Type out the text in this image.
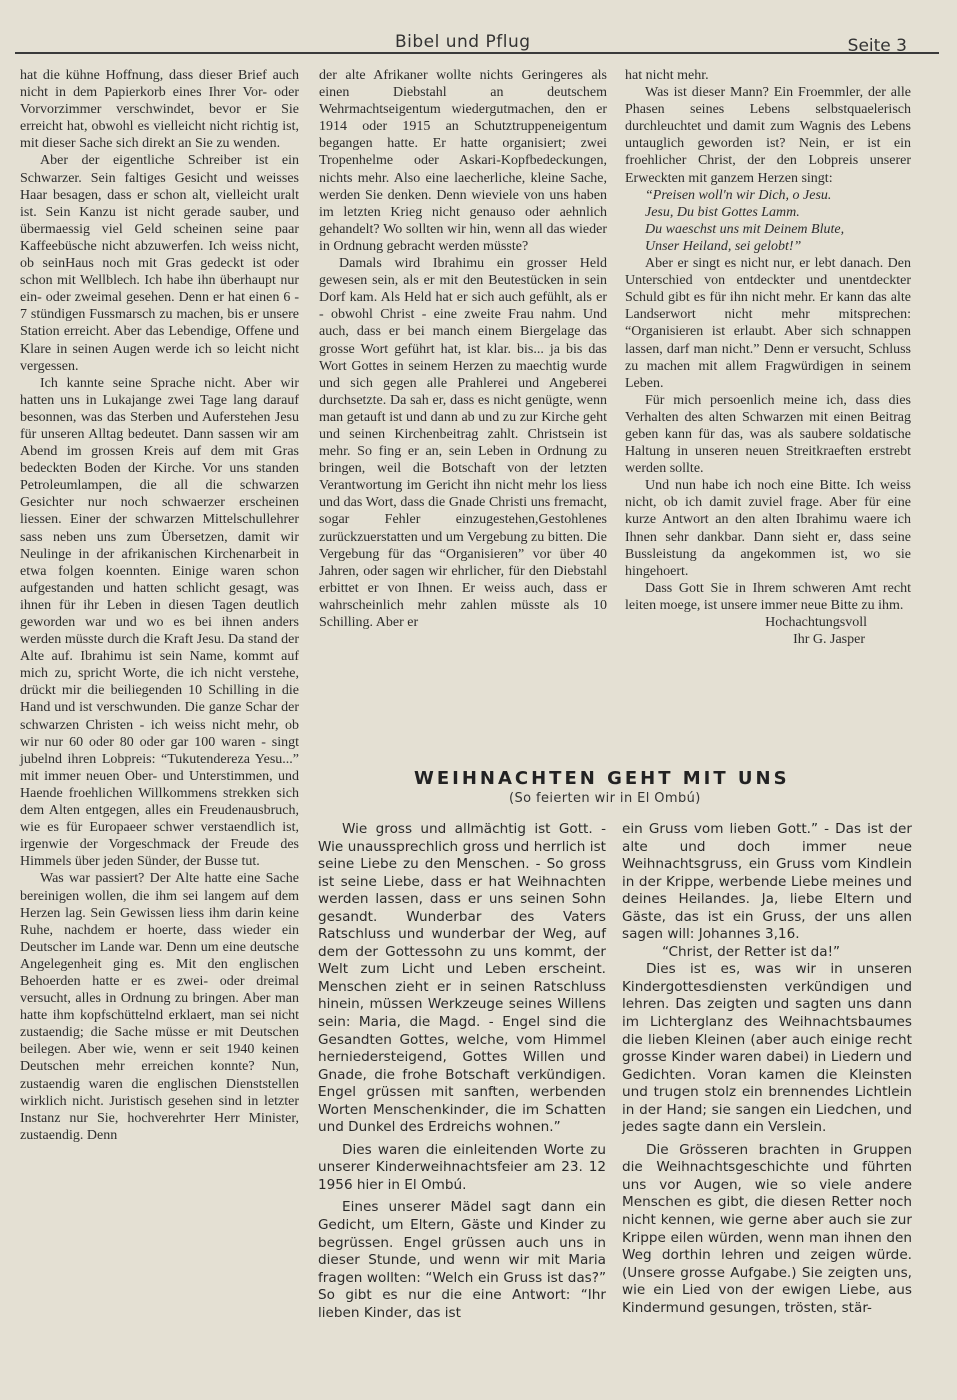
Bibel und Pflug	Seite 3

hat die kühne Hoffnung, dass dieser Brief auch nicht in dem Papierkorb eines Ihrer Vor- oder Vorvorzimmer verschwindet, bevor er Sie erreicht hat, obwohl es vielleicht nicht richtig ist, mit dieser Sache sich direkt an Sie zu wenden.

Aber der eigentliche Schreiber ist ein Schwarzer. Sein faltiges Gesicht und weisses Haar besagen, dass er schon alt, vielleicht uralt ist. Sein Kanzu ist nicht gerade sauber, und übermaessig viel Geld scheinen seine paar Kaffeebüsche nicht abzuwerfen. Ich weiss nicht, ob seinHaus noch mit Gras gedeckt ist oder schon mit Wellblech. Ich habe ihn überhaupt nur ein- oder zweimal gesehen. Denn er hat einen 6 - 7 stündigen Fussmarsch zu machen, bis er unsere Station erreicht. Aber das Lebendige, Offene und Klare in seinen Augen werde ich so leicht nicht vergessen.

Ich kannte seine Sprache nicht. Aber wir hatten uns in Lukajange zwei Tage lang darauf besonnen, was das Sterben und Auferstehen Jesu für unseren Alltag bedeutet. Dann sassen wir am Abend im grossen Kreis auf dem mit Gras bedeckten Boden der Kirche. Vor uns standen Petroleumlampen, die all die schwarzen Gesichter nur noch schwaerzer erscheinen liessen. Einer der schwarzen Mittelschullehrer sass neben uns zum Übersetzen, damit wir Neulinge in der afrikanischen Kirchenarbeit in etwa folgen koennten. Einige waren schon aufgestanden und hatten schlicht gesagt, was ihnen für ihr Leben in diesen Tagen deutlich geworden war und wo es bei ihnen anders werden müsste durch die Kraft Jesu. Da stand der Alte auf. Ibrahimu ist sein Name, kommt auf mich zu, spricht Worte, die ich nicht verstehe, drückt mir die beiliegenden 10 Schilling in die Hand und ist verschwunden. Die ganze Schar der schwarzen Christen - ich weiss nicht mehr, ob wir nur 60 oder 80 oder gar 100 waren - singt jubelnd ihren Lobpreis: “Tukutendereza Yesu...” mit immer neuen Ober- und Unterstimmen, und Haende froehlichen Willkommens strekken sich dem Alten entgegen, alles ein Freudenausbruch, wie es für Europaeer schwer verstaendlich ist, irgenwie der Vorgeschmack der Freude des Himmels über jeden Sünder, der Busse tut.

Was war passiert? Der Alte hatte eine Sache bereinigen wollen, die ihm sei langem auf dem Herzen lag. Sein Gewissen liess ihm darin keine Ruhe, nachdem er hoerte, dass wieder ein Deutscher im Lande war. Denn um eine deutsche Angelegenheit ging es. Mit den englischen Behoerden hatte er es zwei- oder dreimal versucht, alles in Ordnung zu bringen. Aber man hatte ihm kopfschüttelnd erklaert, man sei nicht zustaendig; die Sache müsse er mit Deutschen beilegen. Aber wie, wenn er seit 1940 keinen Deutschen mehr erreichen konnte? Nun, zustaendig waren die englischen Dienststellen wirklich nicht. Juristisch gesehen sind in letzter Instanz nur Sie, hochverehrter Herr Minister, zustaendig. Denn

der alte Afrikaner wollte nichts Geringeres als einen Diebstahl an deutschem Wehrmachtseigentum wiedergutmachen, den er 1914 oder 1915 an Schutztruppeneigentum begangen hatte. Er hatte organisiert; zwei Tropenhelme oder Askari-Kopfbedeckungen, nichts mehr. Also eine laecherliche, kleine Sache, werden Sie denken. Denn wieviele von uns haben im letzten Krieg nicht genauso oder aehnlich gehandelt? Wo sollten wir hin, wenn all das wieder in Ordnung gebracht werden müsste?

Damals wird Ibrahimu ein grosser Held gewesen sein, als er mit den Beutestücken in sein Dorf kam. Als Held hat er sich auch gefühlt, als er - obwohl Christ - eine zweite Frau nahm. Und auch, dass er bei manch einem Biergelage das grosse Wort geführt hat, ist klar. bis... ja bis das Wort Gottes in seinem Herzen zu maechtig wurde und sich gegen alle Prahlerei und Angeberei durchsetzte. Da sah er, dass es nicht genügte, wenn man getauft ist und dann ab und zu zur Kirche geht und seinen Kirchenbeitrag zahlt. Christsein ist mehr. So fing er an, sein Leben in Ordnung zu bringen, weil die Botschaft von der letzten Verantwortung im Gericht ihn nicht mehr los liess und das Wort, dass die Gnade Christi uns fremacht, sogar Fehler einzugestehen,Gestohlenes zurückzuerstatten und um Vergebung zu bitten. Die Vergebung für das “Organisieren” vor über 40 Jahren, oder sagen wir ehrlicher, für den Diebstahl erbittet er von Ihnen. Er weiss auch, dass er wahrscheinlich mehr zahlen müsste als 10 Schilling. Aber er

hat nicht mehr.

Was ist dieser Mann? Ein Froemmler, der alle Phasen seines Lebens selbstquaelerisch durchleuchtet und damit zum Wagnis des Lebens untauglich geworden ist? Nein, er ist ein froehlicher Christ, der den Lobpreis unserer Erweckten mit ganzem Herzen singt:

“Preisen woll'n wir Dich, o Jesu.
Jesu, Du bist Gottes Lamm.
Du waeschst uns mit Deinem Blute,
Unser Heiland, sei gelobt!”

Aber er singt es nicht nur, er lebt danach. Den Unterschied von entdeckter und unentdeckter Schuld gibt es für ihn nicht mehr. Er kann das alte Landserwort nicht mehr mitsprechen: “Organisieren ist erlaubt. Aber sich schnappen lassen, darf man nicht.” Denn er versucht, Schluss zu machen mit allem Fragwürdigen in seinem Leben.

Für mich persoenlich meine ich, dass dies Verhalten des alten Schwarzen mit einen Beitrag geben kann für das, was als saubere soldatische Haltung in unseren neuen Streitkraeften erstrebt werden sollte.

Und nun habe ich noch eine Bitte. Ich weiss nicht, ob ich damit zuviel frage. Aber für eine kurze Antwort an den alten Ibrahimu waere ich Ihnen sehr dankbar. Dann sieht er, dass seine Bussleistung da angekommen ist, wo sie hingehoert.

Dass Gott Sie in Ihrem schweren Amt recht leiten moege, ist unsere immer neue Bitte zu ihm.

Hochachtungsvoll
Ihr G. Jasper
WEIHNACHTEN GEHT MIT UNS
(So feierten wir in El Ombú)

Wie gross und allmächtig ist Gott. - Wie unaussprechlich gross und herrlich ist seine Liebe zu den Menschen. - So gross ist seine Liebe, dass er hat Weihnachten werden lassen, dass er uns seinen Sohn gesandt. Wunderbar des Vaters Ratschluss und wunderbar der Weg, auf dem der Gottessohn zu uns kommt, der Welt zum Licht und Leben erscheint. Menschen zieht er in seinen Ratschluss hinein, müssen Werkzeuge seines Willens sein: Maria, die Magd. - Engel sind die Gesandten Gottes, welche, vom Himmel herniedersteigend, Gottes Willen und Gnade, die frohe Botschaft verkündigen. Engel grüssen mit sanften, werbenden Worten Menschenkinder, die im Schatten und Dunkel des Erdreichs wohnen.”

Dies waren die einleitenden Worte zu unserer Kinderweihnachtsfeier am 23. 12 1956 hier in El Ombú.

Eines unserer Mädel sagt dann ein Gedicht, um Eltern, Gäste und Kinder zu begrüssen. Engel grüssen auch uns in dieser Stunde, und wenn wir mit Maria fragen wollten: “Welch ein Gruss ist das?” So gibt es nur die eine Antwort: “Ihr lieben Kinder, das ist

ein Gruss vom lieben Gott.” - Das ist der alte und doch immer neue Weihnachtsgruss, ein Gruss vom Kindlein in der Krippe, werbende Liebe meines und deines Heilandes. Ja, liebe Eltern und Gäste, das ist ein Gruss, der uns allen sagen will: Johannes 3,16.

“Christ, der Retter ist da!”

Dies ist es, was wir in unseren Kindergottesdiensten verkündigen und lehren. Das zeigten und sagten uns dann im Lichterglanz des Weihnachtsbaumes die lieben Kleinen (aber auch einige recht grosse Kinder waren dabei) in Liedern und Gedichten. Voran kamen die Kleinsten und trugen stolz ein brennendes Lichtlein in der Hand; sie sangen ein Liedchen, und jedes sagte dann ein Verslein.

Die Grösseren brachten in Gruppen die Weihnachtsgeschichte und führten uns vor Augen, wie so viele andere Menschen es gibt, die diesen Retter noch nicht kennen, wie gerne aber auch sie zur Krippe eilen würden, wenn man ihnen den Weg dorthin lehren und zeigen würde. (Unsere grosse Aufgabe.) Sie zeigten uns, wie ein Lied von der ewigen Liebe, aus Kindermund gesungen, trösten, stär-
